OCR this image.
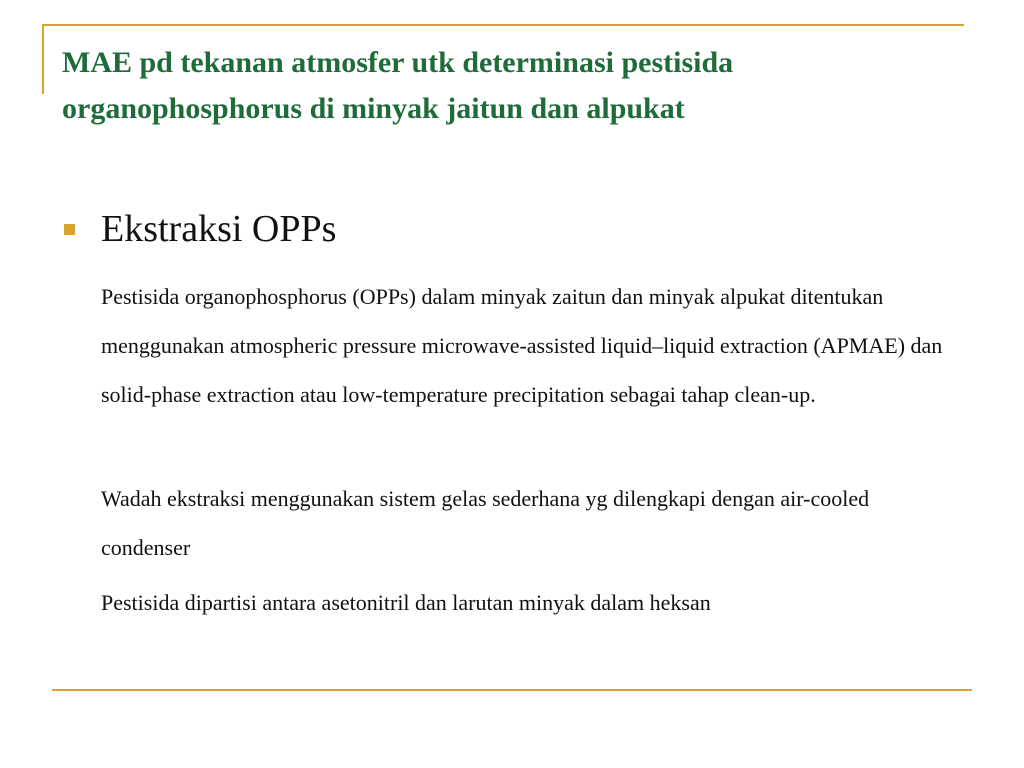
MAE pd tekanan atmosfer utk determinasi pestisida organophosphorus di minyak jaitun dan alpukat
Ekstraksi OPPs

Pestisida organophosphorus (OPPs) dalam minyak zaitun dan minyak alpukat ditentukan menggunakan atmospheric pressure microwave-assisted liquid–liquid extraction (APMAE) dan solid-phase extraction atau low-temperature precipitation sebagai tahap clean-up.

Wadah ekstraksi menggunakan sistem gelas sederhana yg dilengkapi dengan air-cooled condenser

Pestisida dipartisi antara asetonitril dan larutan minyak dalam heksan
